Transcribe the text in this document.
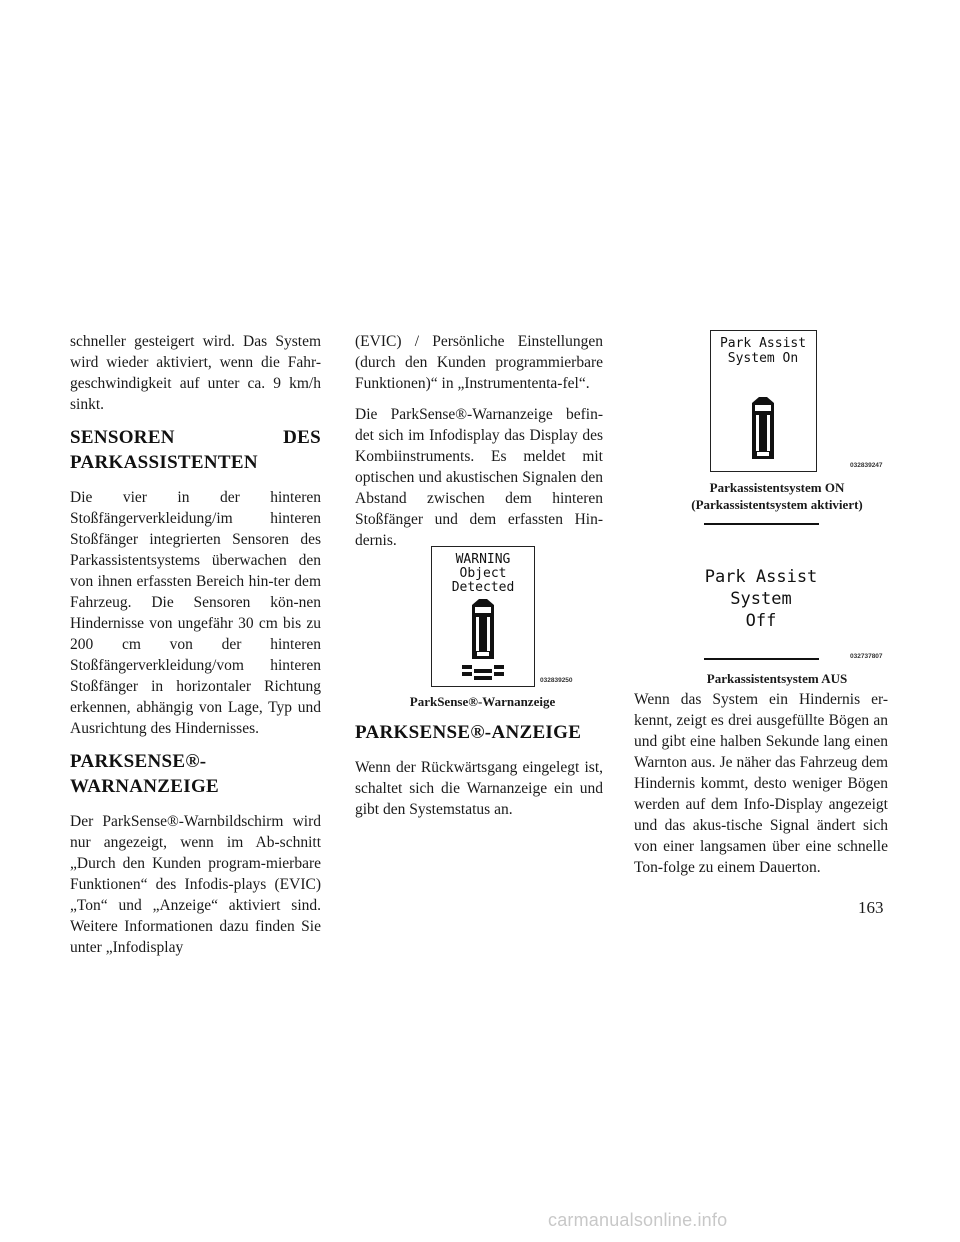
schneller gesteigert wird. Das System wird wieder aktiviert, wenn die Fahr-geschwindigkeit auf unter ca. 9 km/h sinkt.

SENSOREN DES PARKASSISTENTEN

Die vier in der hinteren Stoßfängerverkleidung/im hinteren Stoßfänger integrierten Sensoren des Parkassistentsystems überwachen den von ihnen erfassten Bereich hin-ter dem Fahrzeug. Die Sensoren kön-nen Hindernisse von ungefähr 30 cm bis zu 200 cm von der hinteren Stoßfängerverkleidung/vom hinteren Stoßfänger in horizontaler Richtung erkennen, abhängig von Lage, Typ und Ausrichtung des Hindernisses.

PARKSENSE®-WARNANZEIGE

Der ParkSense®-Warnbildschirm wird nur angezeigt, wenn im Ab-schnitt „Durch den Kunden program-mierbare Funktionen“ des Infodis-plays (EVIC) „Ton“ und „Anzeige“ aktiviert sind. Weitere Informationen dazu finden Sie unter „Infodisplay

(EVIC) / Persönliche Einstellungen (durch den Kunden programmierbare Funktionen)“ in „Instrumententa-fel“.

Die ParkSense®-Warnanzeige befin-det sich im Infodisplay das Display des Kombiinstruments. Es meldet mit optischen und akustischen Signalen den Abstand zwischen dem hinteren Stoßfänger und dem erfassten Hin-dernis.

WARNING
Object
Detected
032839250
ParkSense®-Warnanzeige
PARKSENSE®-ANZEIGE

Wenn der Rückwärtsgang eingelegt ist, schaltet sich die Warnanzeige ein und gibt den Systemstatus an.

Park Assist
System On
032839247
Parkassistentsystem ON
(Parkassistentsystem aktiviert)
Park Assist
System
Off
032737807
Parkassistentsystem AUS

Wenn das System ein Hindernis er-kennt, zeigt es drei ausgefüllte Bögen an und gibt eine halben Sekunde lang einen Warnton aus. Je näher das Fahrzeug dem Hindernis kommt, desto weniger Bögen werden auf dem Info-Display angezeigt und das akus-tische Signal ändert sich von einer langsamen über eine schnelle Ton-folge zu einem Dauerton.

163
carmanualsonline.info
